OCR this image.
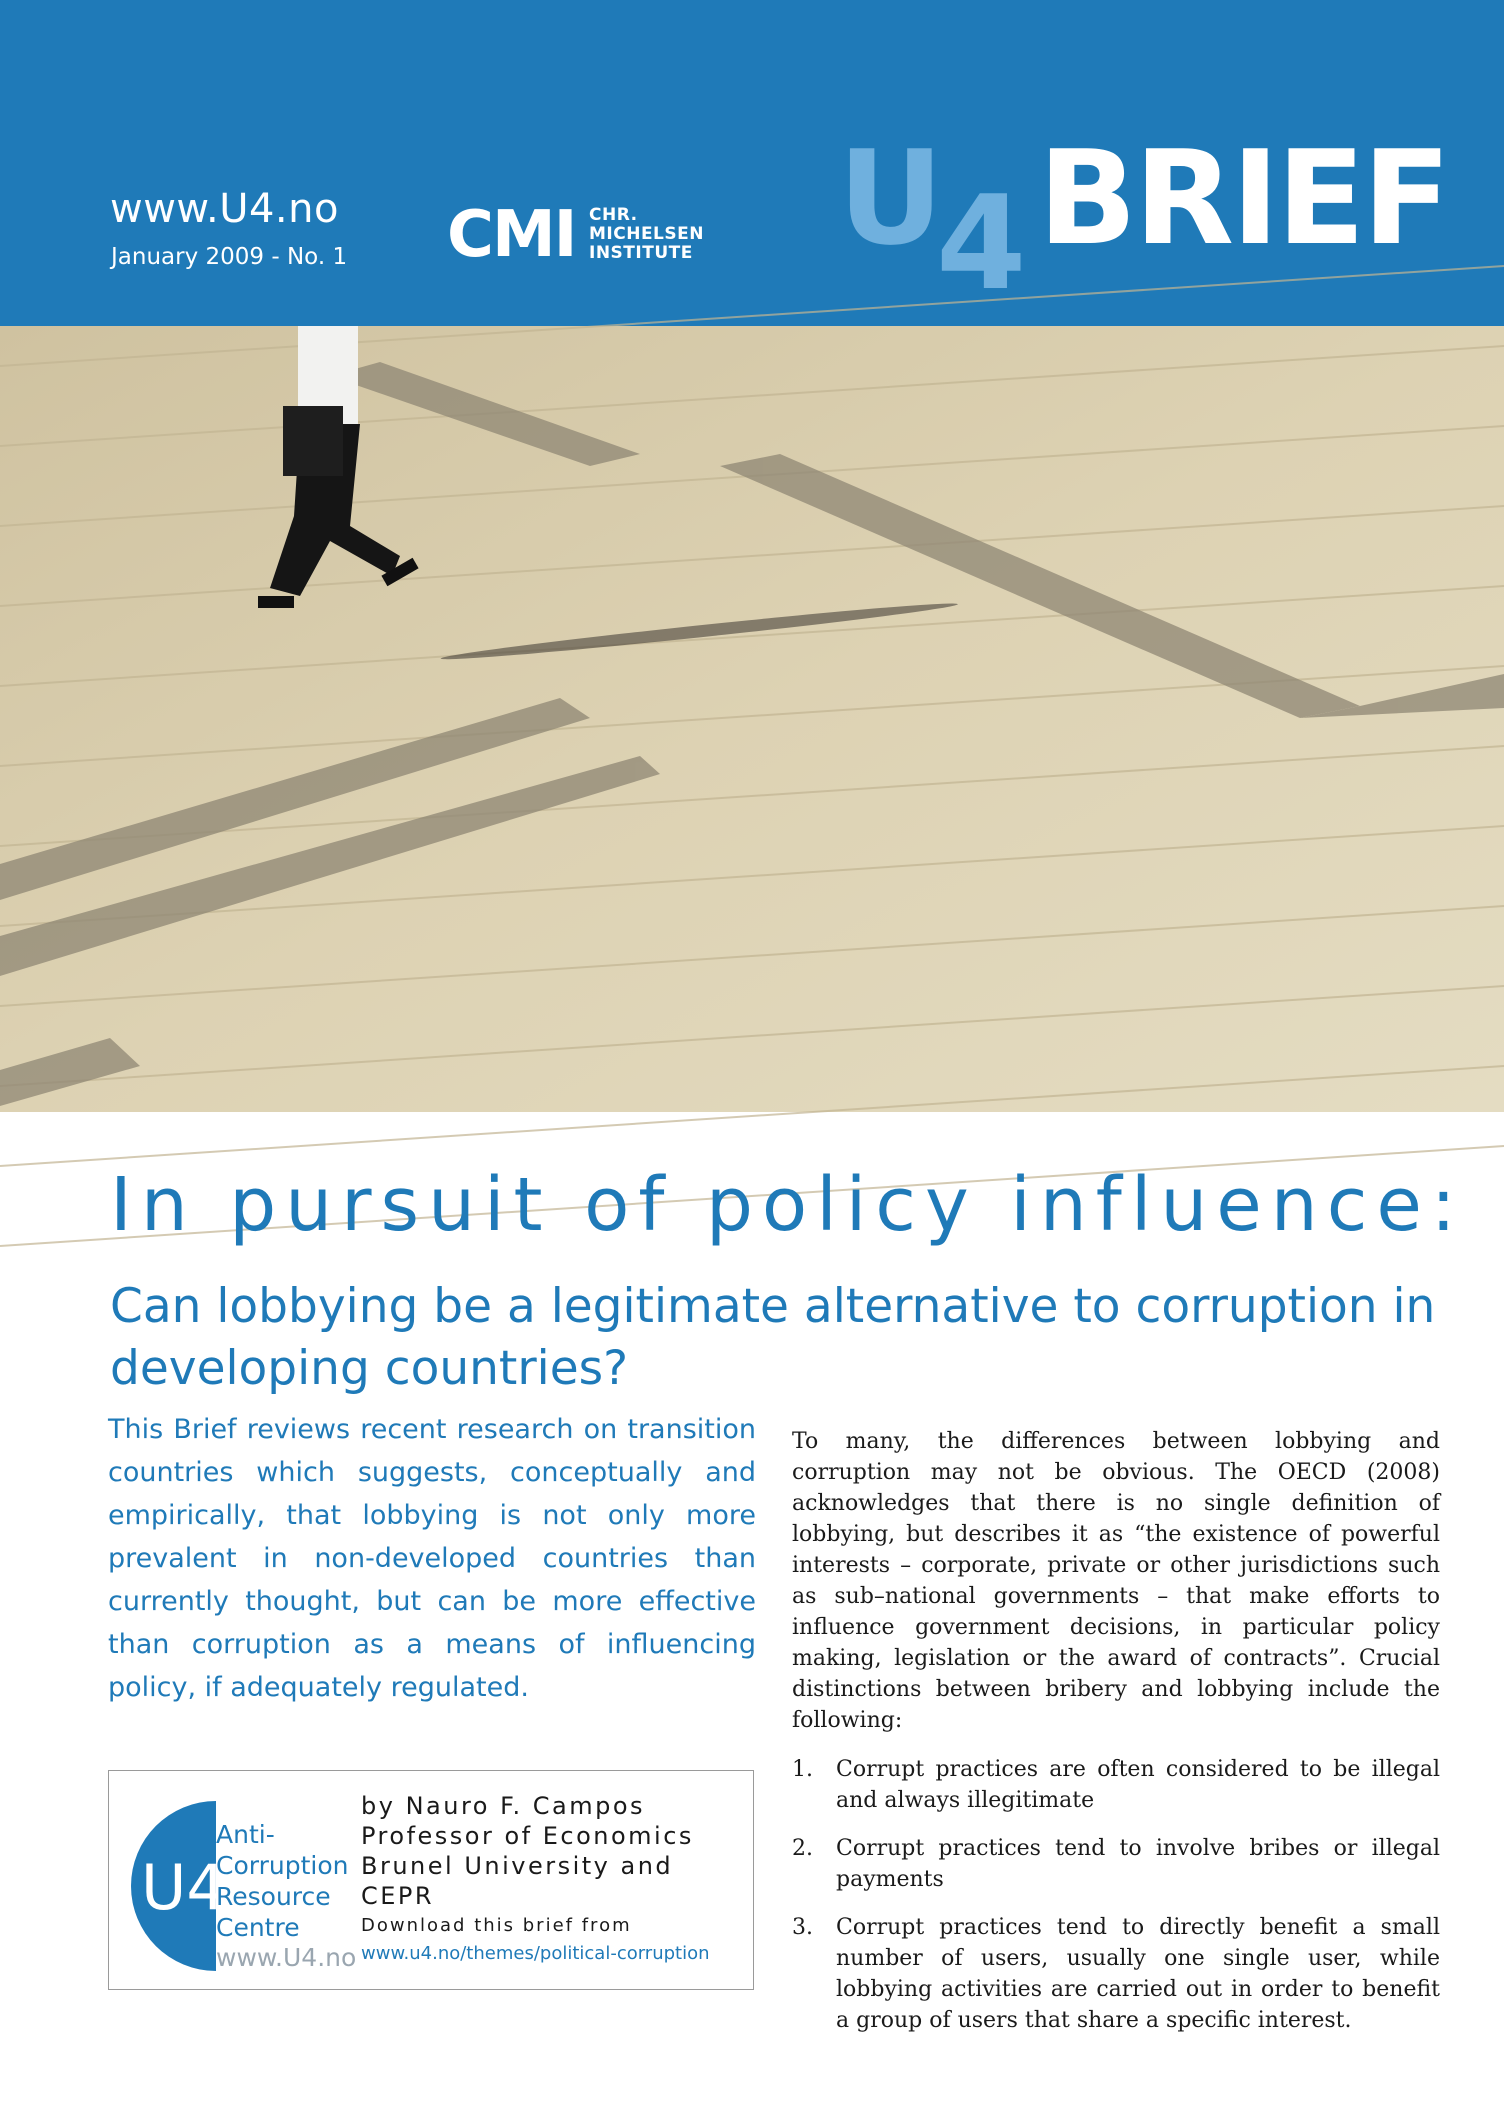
www.U4.no
January 2009 - No. 1 CMI CHR.
MICHELSEN
INSTITUTE U
4 BRIEF
In pursuit of policy influence:
Can lobbying be a legitimate alternative to corruption in developing countries?
This Brief reviews recent research on transition countries which suggests, conceptually and empirically, that lobbying is not only more prevalent in non-developed countries than currently thought, but can be more effective than corruption as a means of influencing policy, if adequately regulated.
U4
Anti-
Corruption
Resource
Centre
www.U4.no
by Nauro F. Campos
Professor of Economics
Brunel University and
CEPR
Download this brief from
www.u4.no/themes/political-corruption

To many, the differences between lobbying and corruption may not be obvious. The OECD (2008) acknowledges that there is no single definition of lobbying, but describes it as “the existence of powerful interests – corporate, private or other jurisdictions such as sub–national governments – that make efforts to influence government decisions, in particular policy making, legislation or the award of contracts”. Crucial distinctions between bribery and lobbying include the following:

1. Corrupt practices are often considered to be illegal and always illegitimate
2. Corrupt practices tend to involve bribes or illegal payments
3. Corrupt practices tend to directly benefit a small number of users, usually one single user, while lobbying activities are carried out in order to benefit a group of users that share a specific interest.
